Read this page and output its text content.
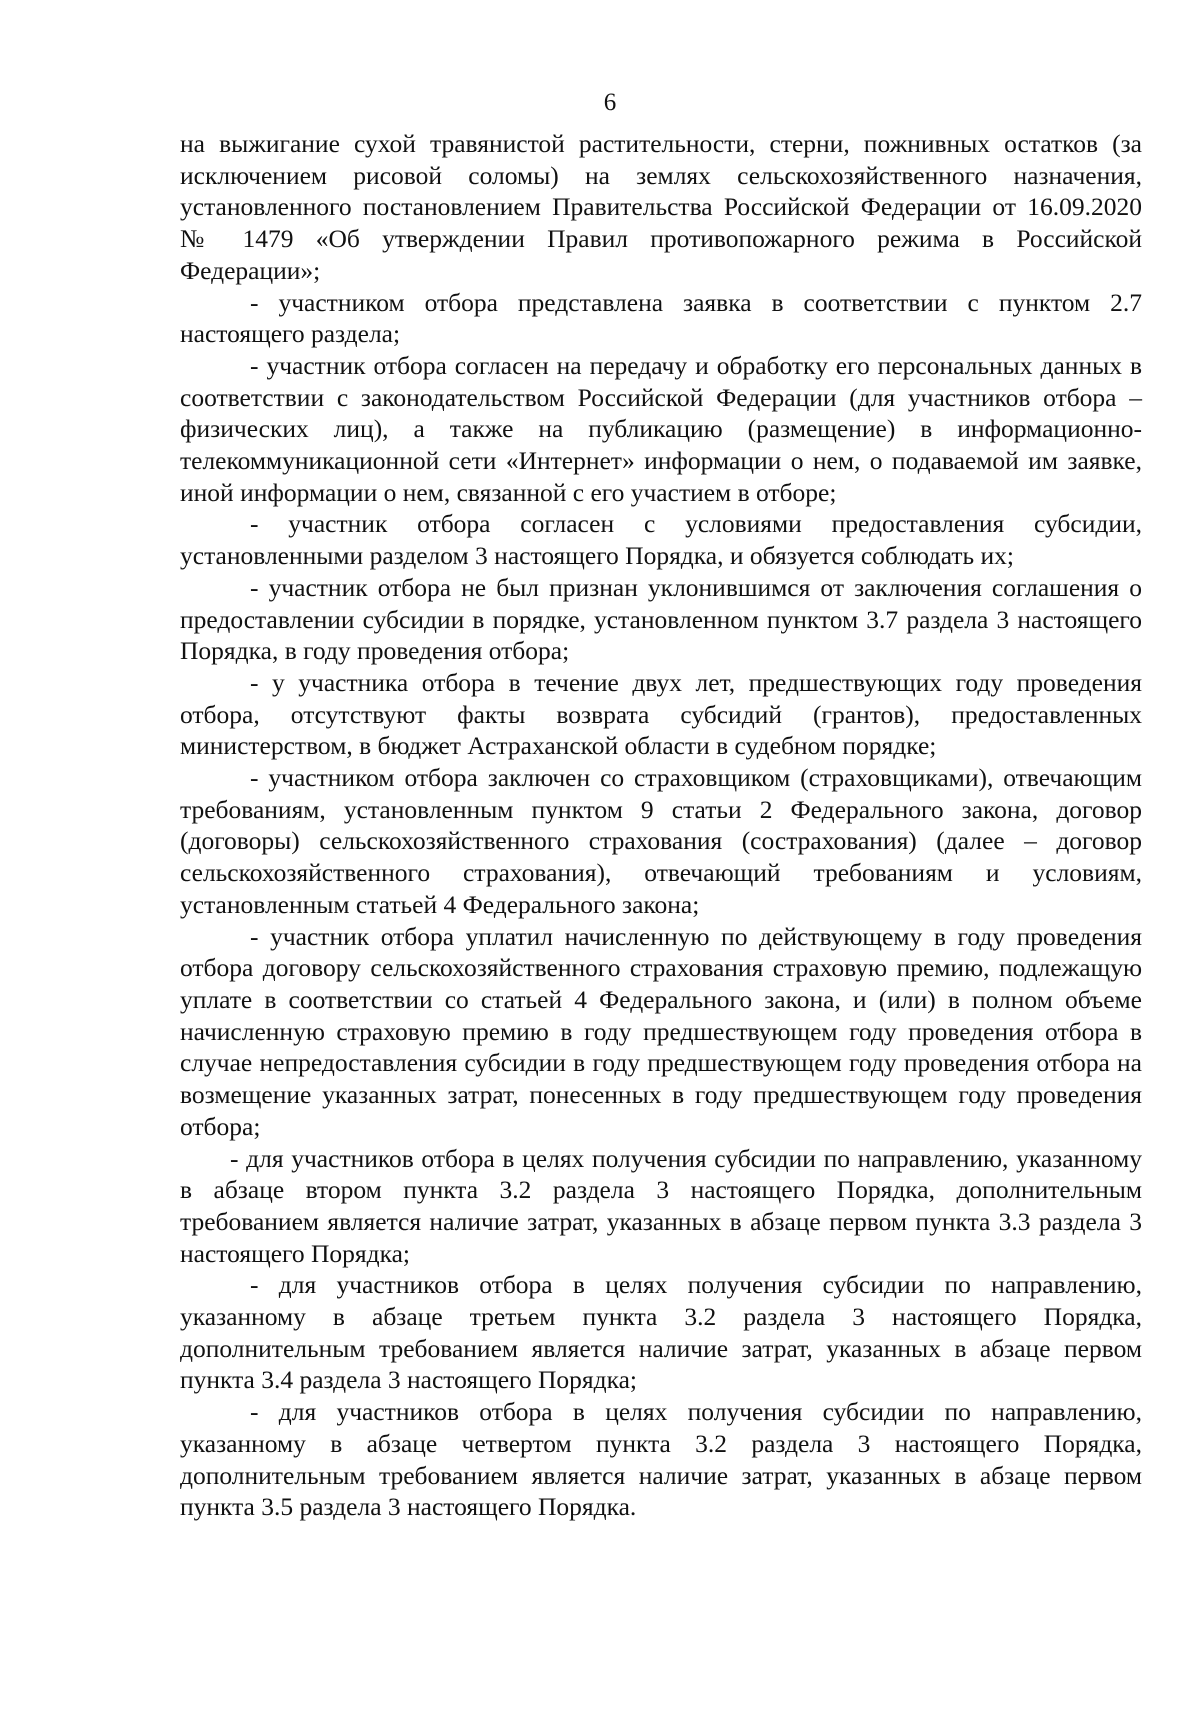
6

на выжигание сухой травянистой растительности, стерни, пожнивных остатков (за исключением рисовой соломы) на землях сельскохозяйственного назначения, установленного постановлением Правительства Российской Федерации от 16.09.2020 № 1479 «Об утверждении Правил противопожарного режима в Российской Федерации»;

- участником отбора представлена заявка в соответствии с пунктом 2.7 настоящего раздела;

- участник отбора согласен на передачу и обработку его персональных данных в соответствии с законодательством Российской Федерации (для участников отбора – физических лиц), а также на публикацию (размещение) в информационно-телекоммуникационной сети «Интернет» информации о нем, о подаваемой им заявке, иной информации о нем, связанной с его участием в отборе;

- участник отбора согласен с условиями предоставления субсидии, установленными разделом 3 настоящего Порядка, и обязуется соблюдать их;

- участник отбора не был признан уклонившимся от заключения соглашения о предоставлении субсидии в порядке, установленном пунктом 3.7 раздела 3 настоящего Порядка, в году проведения отбора;

- у участника отбора в течение двух лет, предшествующих году проведения отбора, отсутствуют факты возврата субсидий (грантов), предоставленных министерством, в бюджет Астраханской области в судебном порядке;

- участником отбора заключен со страховщиком (страховщиками), отвечающим требованиям, установленным пунктом 9 статьи 2 Федерального закона, договор (договоры) сельскохозяйственного страхования (сострахования) (далее – договор сельскохозяйственного страхования), отвечающий требованиям и условиям, установленным статьей 4 Федерального закона;

- участник отбора уплатил начисленную по действующему в году проведения отбора договору сельскохозяйственного страхования страховую премию, подлежащую уплате в соответствии со статьей 4 Федерального закона, и (или) в полном объеме начисленную страховую премию в году предшествующем году проведения отбора в случае непредоставления субсидии в году предшествующем году проведения отбора на возмещение указанных затрат, понесенных в году предшествующем году проведения отбора;

- для участников отбора в целях получения субсидии по направлению, указанному в абзаце втором пункта 3.2 раздела 3 настоящего Порядка, дополнительным требованием является наличие затрат, указанных в абзаце первом пункта 3.3 раздела 3 настоящего Порядка;

- для участников отбора в целях получения субсидии по направлению, указанному в абзаце третьем пункта 3.2 раздела 3 настоящего Порядка, дополнительным требованием является наличие затрат, указанных в абзаце первом пункта 3.4 раздела 3 настоящего Порядка;

- для участников отбора в целях получения субсидии по направлению, указанному в абзаце четвертом пункта 3.2 раздела 3 настоящего Порядка, дополнительным требованием является наличие затрат, указанных в абзаце первом пункта 3.5 раздела 3 настоящего Порядка.
